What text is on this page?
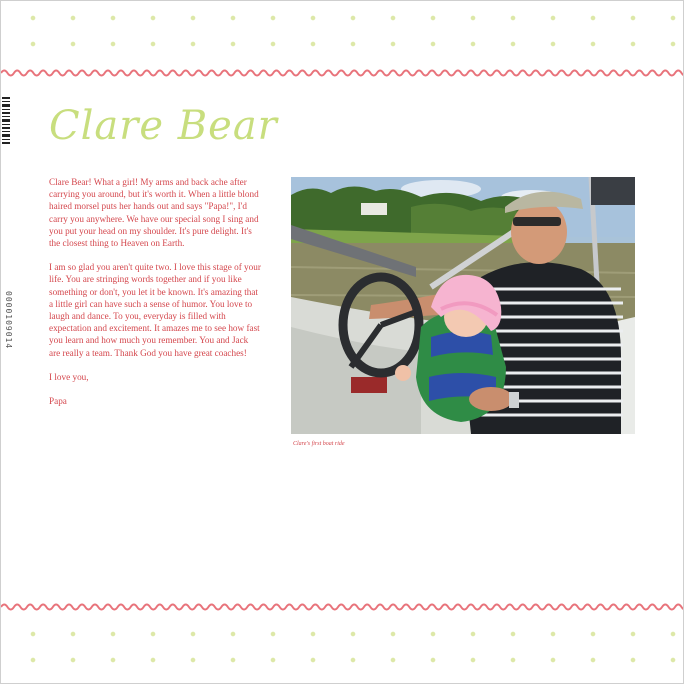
0000109014
Clare Bear

Clare Bear! What a girl! My arms and back ache after carrying you around, but it's worth it. When a little blond haired morsel puts her hands out and says "Papa!", I'd carry you anywhere. We have our special song I sing and you put your head on my shoulder. It's pure delight. It's the closest thing to Heaven on Earth.

I am so glad you aren't quite two. I love this stage of your life. You are stringing words together and if you like something or don't, you let it be known. It's amazing that a little girl can have such a sense of humor. You love to laugh and dance. To you, everyday is filled with expectation and excitement. It amazes me to see how fast you learn and how much you remember. You and Jack are really a team. Thank God you have great coaches!

I love you,

Papa

Clare's first boat ride
